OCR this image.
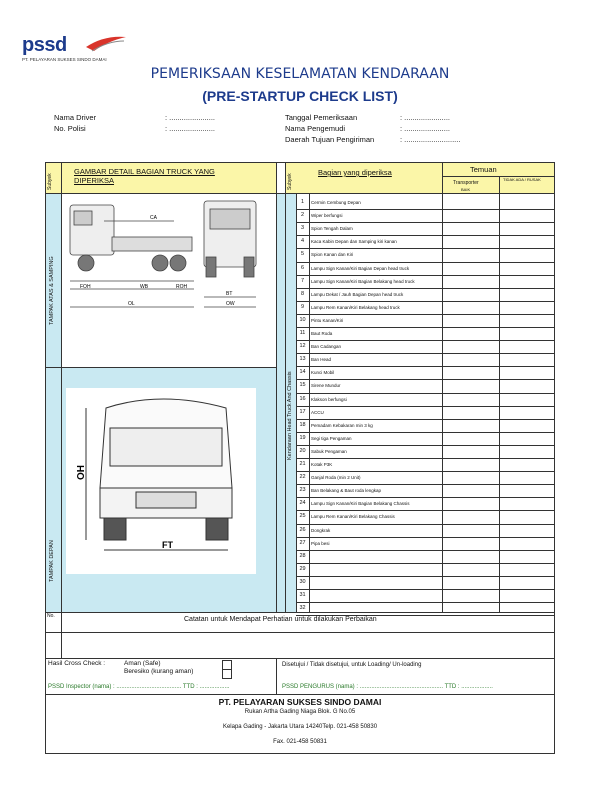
pssd
PT. PELAYARAN SUKSES SINDO DAMAI
PEMERIKSAAN KESELAMATAN KENDARAAN
(PRE-STARTUP CHECK LIST)
Nama Driver	: ......................
No. Polisi	: ......................
Tanggal Pemeriksaan	: ......................
Nama Pengemudi	: ......................
Daerah Tujuan Pengiriman	: ...........................
Subyek	Subyek
GAMBAR DETAIL BAGIAN TRUCK YANG DIPERIKSA
Bagian yang diperiksa	Temuan
Transporter
BAIK
TIDAK ADA / RUSAK
TAMPAK ATAS & SAMPING
TAMPAK DEPAN
Kendaraan Head Truck And Chassis
CA
FOH	WB	ROH
OL
BT
OW
OH
FT
1	Cermin Cembung Depan
2	Wiper berfungsi
3	Spion Tengah Dalam
4	Kaca Kabin Depan dan Samping kiri kanan
5	Spion Kanan dan Kiri
6	Lampu Sign Kanan/Kiri Bagian Depan head truck
7	Lampu Sign Kanan/Kiri Bagian Belakang head truck
8	Lampu Dekat / Jauh Bagian Depan head truck
9	Lampu Rem Kanan/Kiri Belakang head truck
10	Pintu Kanan/Kiri
11	Baut Roda
12	Ban Cadangan
13	Ban Head
14	Kunci Mobil
15	Sirene Mundur
16	Klakson berfungsi
17	ACCU
18	Pemadam Kebakaran min 3 kg
19	Segi tiga Pengaman
20	Sabuk Pengaman
21	Kotak P3K
22	Ganjal Roda (min 2 Unit)
23	Ban Belakang & Baut roda lengkap
24	Lampu Sign Kanan/Kiri Bagian Belakang Chassis
25	Lampu Rem Kanan/Kiri Belakang Chassis
26	Dongkrak
27	Pipa besi
28
29
30
31
32
No.	Catatan untuk Mendapat Perhatian untuk dilakukan Perbaikan
Hasil Cross Check :	Aman (Safe)
Beresiko (kurang aman)
Disetujui / Tidak disetujui, untuk Loading/ Un-loading
PSSD Inspector (nama) : ....................................... TTD : ..................	PSSD PENGURUS (nama) : .................................................. TTD : ...................
PT. PELAYARAN SUKSES SINDO DAMAI
Rukan Artha Gading Niaga Blok. G No.05
Kelapa Gading - Jakarta Utara 14240Telp. 021-458 50830
Fax. 021-458 50831
